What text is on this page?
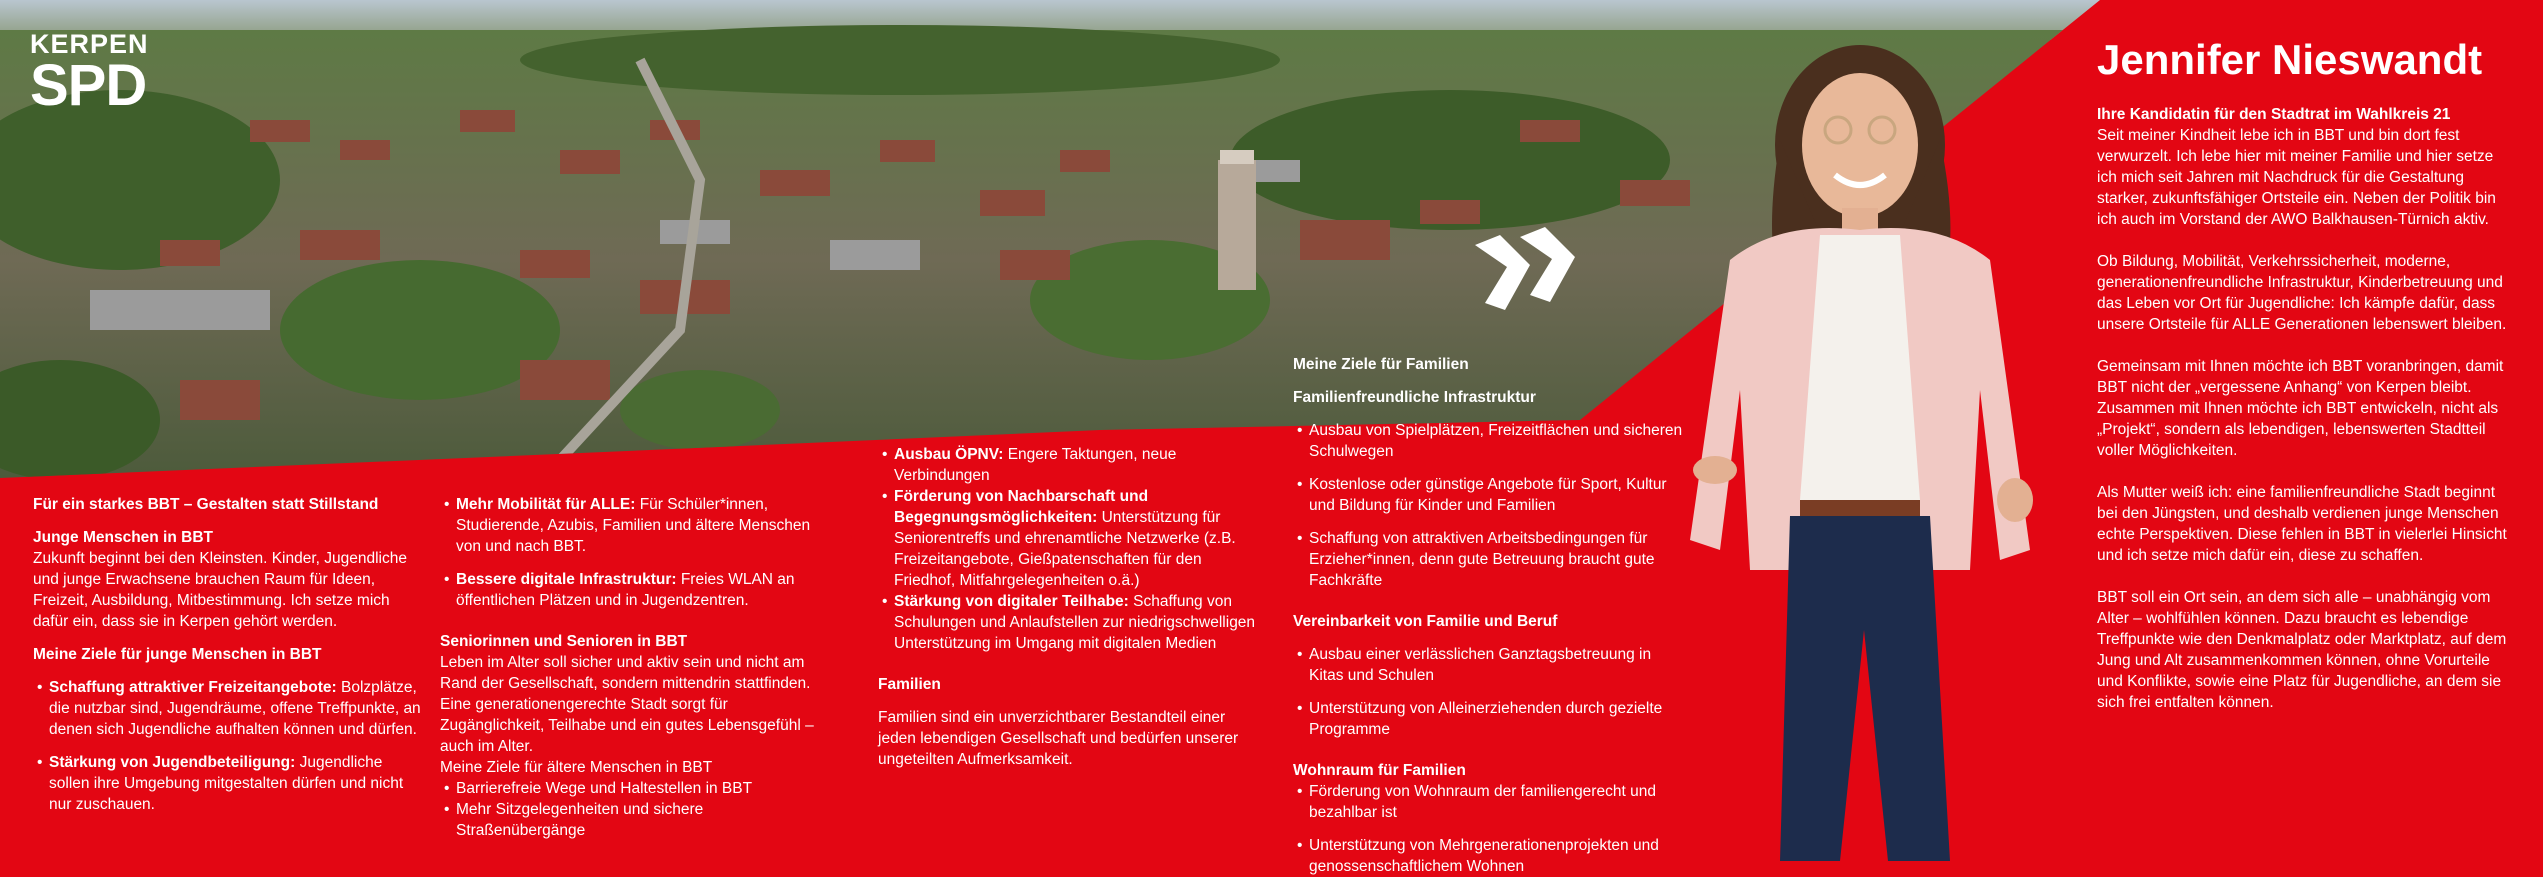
KERPEN
SPD	Jennifer Nieswandt

Ihre Kandidatin für den Stadtrat im Wahlkreis 21

Seit meiner Kindheit lebe ich in BBT und bin dort fest verwurzelt. Ich lebe hier mit meiner Familie und hier setze ich mich seit Jahren mit Nachdruck für die Gestaltung starker, zukunftsfähiger Ortsteile ein. Neben der Politik bin ich auch im Vorstand der AWO Balkhausen-Türnich aktiv.

Ob Bildung, Mobilität, Verkehrssicherheit, moderne, generationenfreundliche Infrastruktur, Kinderbetreuung und das Leben vor Ort für Jugendliche: Ich kämpfe dafür, dass unsere Ortsteile für ALLE Generationen lebenswert bleiben.

Gemeinsam mit Ihnen möchte ich BBT voranbringen, damit BBT nicht der „vergessene Anhang“ von Kerpen bleibt. Zusammen mit Ihnen möchte ich BBT entwickeln, nicht als „Projekt“, sondern als lebendigen, lebenswerten Stadtteil voller Möglichkeiten.

Als Mutter weiß ich: eine familienfreundliche Stadt beginnt bei den Jüngsten, und deshalb verdienen junge Menschen echte Perspektiven. Diese fehlen in BBT in vielerlei Hinsicht und ich setze mich dafür ein, diese zu schaffen.

BBT soll ein Ort sein, an dem sich alle – unabhängig vom Alter – wohlfühlen können. Dazu braucht es lebendige Treffpunkte wie den Denkmalplatz oder Marktplatz, auf dem Jung und Alt zusammenkommen können, ohne Vorurteile und Konflikte, sowie eine Platz für Jugendliche, an dem sie sich frei entfalten können.

Für ein starkes BBT – Gestalten statt Stillstand

Junge Menschen in BBT

Zukunft beginnt bei den Kleinsten. Kinder, Jugendliche und junge Erwachsene brauchen Raum für Ideen, Freizeit, Ausbildung, Mitbestimmung. Ich setze mich dafür ein, dass sie in Kerpen gehört werden.

Meine Ziele für junge Menschen in BBT

• Schaffung attraktiver Freizeitangebote: Bolzplätze, die nutzbar sind, Jugendräume, offene Treffpunkte, an denen sich Jugendliche aufhalten können und dürfen.
• Stärkung von Jugendbeteiligung: Jugendliche sollen ihre Umgebung mitgestalten dürfen und nicht nur zuschauen.
• Mehr Mobilität für ALLE: Für Schüler*innen, Studierende, Azubis, Familien und ältere Menschen von und nach BBT.
• Bessere digitale Infrastruktur: Freies WLAN an öffentlichen Plätzen und in Jugendzentren.

Seniorinnen und Senioren in BBT

Leben im Alter soll sicher und aktiv sein und nicht am Rand der Gesellschaft, sondern mittendrin stattfinden. Eine generationengerechte Stadt sorgt für Zugänglichkeit, Teilhabe und ein gutes Lebensgefühl – auch im Alter.

Meine Ziele für ältere Menschen in BBT

• Barrierefreie Wege und Haltestellen in BBT
• Mehr Sitzgelegenheiten und sichere Straßenübergänge
• Ausbau ÖPNV: Engere Taktungen, neue Verbindungen
• Förderung von Nachbarschaft und Begegnungsmöglichkeiten: Unterstützung für Seniorentreffs und ehrenamtliche Netzwerke (z.B. Freizeitangebote, Gießpatenschaften für den Friedhof, Mitfahrgelegenheiten o.ä.)
• Stärkung von digitaler Teilhabe: Schaffung von Schulungen und Anlaufstellen zur niedrigschwelligen Unterstützung im Umgang mit digitalen Medien

Familien

Familien sind ein unverzichtbarer Bestandteil einer jeden lebendigen Gesellschaft und bedürfen unserer ungeteilten Aufmerksamkeit.

Meine Ziele für Familien

Familienfreundliche Infrastruktur

• Ausbau von Spielplätzen, Freizeitflächen und sicheren Schulwegen
• Kostenlose oder günstige Angebote für Sport, Kultur und Bildung für Kinder und Familien
• Schaffung von attraktiven Arbeitsbedingungen für Erzieher*innen, denn gute Betreuung braucht gute Fachkräfte

Vereinbarkeit von Familie und Beruf

• Ausbau einer verlässlichen Ganztagsbetreuung in Kitas und Schulen
• Unterstützung von Alleinerziehenden durch gezielte Programme

Wohnraum für Familien

• Förderung von Wohnraum der familiengerecht und bezahlbar ist
• Unterstützung von Mehrgenerationenprojekten und genossenschaftlichem Wohnen
